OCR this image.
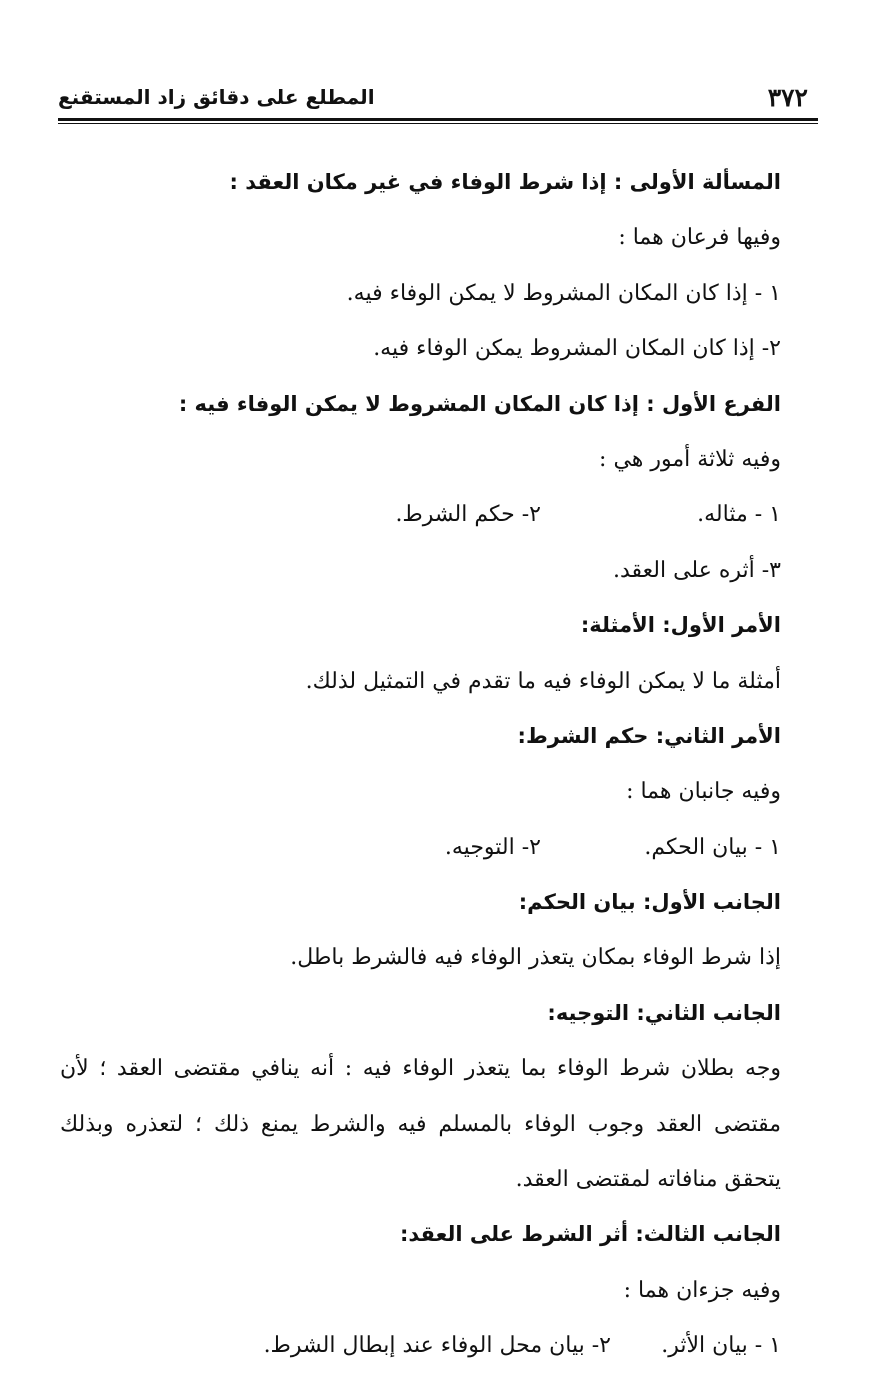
٣٧٢
المطلع على دقائق زاد المستقنع
المسألة الأولى : إذا شرط الوفاء في غير مكان العقد :
وفيها فرعان هما :
١ - إذا كان المكان المشروط لا يمكن الوفاء فيه.
٢- إذا كان المكان المشروط يمكن الوفاء فيه.
الفرع الأول : إذا كان المكان المشروط لا يمكن الوفاء فيه :
وفيه ثلاثة أمور هي :
١ - مثاله.
٢- حكم الشرط.
٣- أثره على العقد.
الأمر الأول: الأمثلة:
أمثلة ما لا يمكن الوفاء فيه ما تقدم في التمثيل لذلك.
الأمر الثاني: حكم الشرط:
وفيه جانبان هما :
١ - بيان الحكم.
٢- التوجيه.
الجانب الأول: بيان الحكم:
إذا شرط الوفاء بمكان يتعذر الوفاء فيه فالشرط باطل.
الجانب الثاني: التوجيه:
وجه بطلان شرط الوفاء بما يتعذر الوفاء فيه : أنه ينافي مقتضى العقد ؛ لأن
مقتضى العقد وجوب الوفاء بالمسلم فيه والشرط يمنع ذلك ؛ لتعذره وبذلك
يتحقق منافاته لمقتضى العقد.
الجانب الثالث: أثر الشرط على العقد:
وفيه جزءان هما :
١ - بيان الأثر.
٢- بيان محل الوفاء عند إبطال الشرط.
